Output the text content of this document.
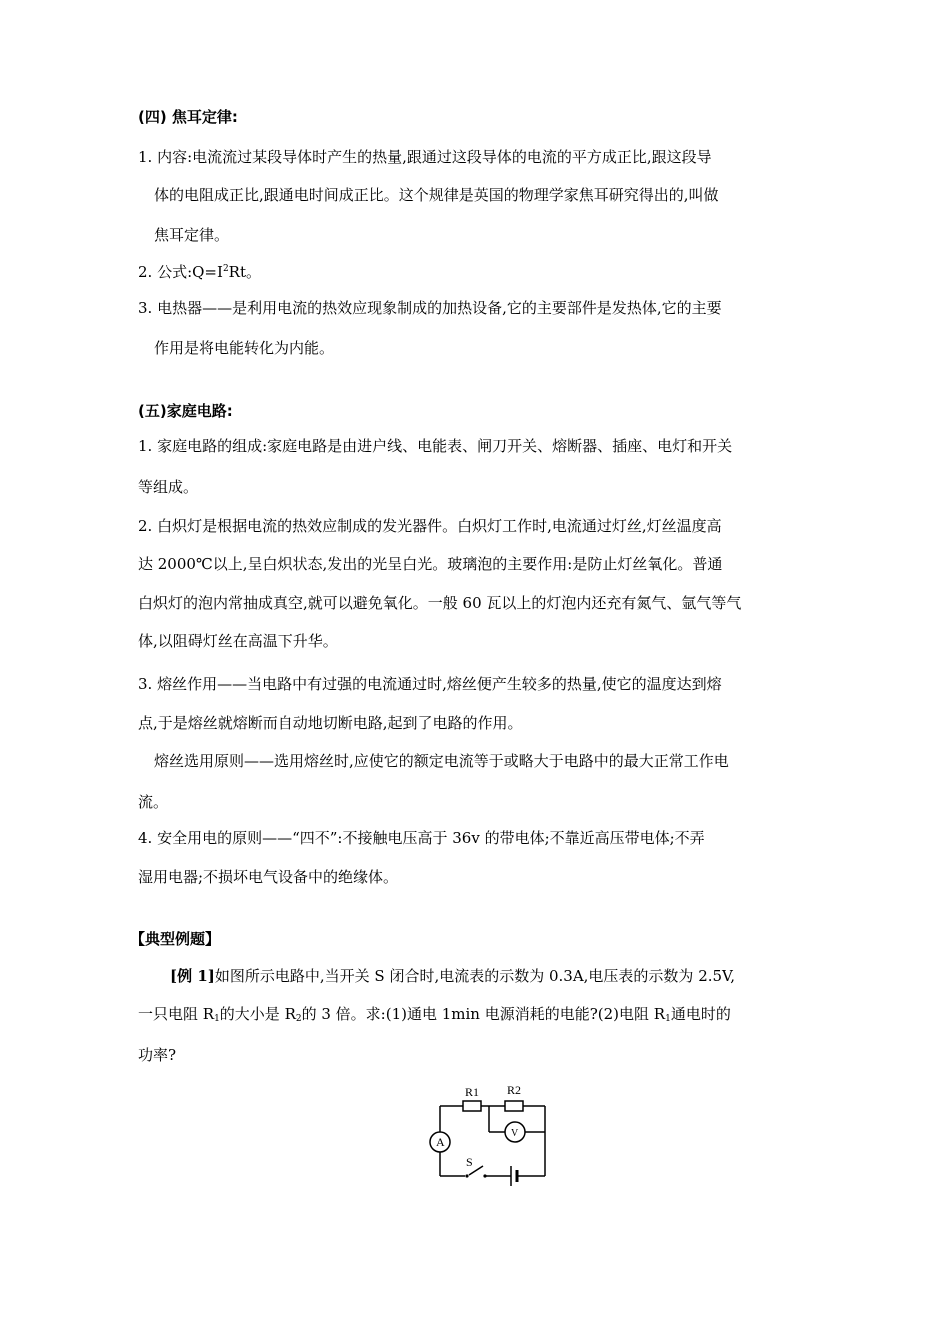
(四) 焦耳定律:
1. 内容:电流流过某段导体时产生的热量,跟通过这段导体的电流的平方成正比,跟这段导
体的电阻成正比,跟通电时间成正比。这个规律是英国的物理学家焦耳研究得出的,叫做
焦耳定律。
2. 公式$:Q=I^2Rt$。
3. 电热器——是利用电流的热效应现象制成的加热设备,它的主要部件是发热体,它的主要
作用是将电能转化为内能。
(五)家庭电路:
1. 家庭电路的组成:家庭电路是由进户线、电能表、闸刀开关、熔断器、插座、电灯和开关
等组成。
2. 白炽灯是根据电流的热效应制成的发光器件。白炽灯工作时,电流通过灯丝,灯丝温度高
达 2000℃以上,呈白炽状态,发出的光呈白光。玻璃泡的主要作用:是防止灯丝氧化。普通
白炽灯的泡内常抽成真空,就可以避免氧化。一般 60 瓦以上的灯泡内还充有氮气、氩气等气
体,以阻碍灯丝在高温下升华。
3. 熔丝作用——当电路中有过强的电流通过时,熔丝便产生较多的热量,使它的温度达到熔
点,于是熔丝就熔断而自动地切断电路,起到了电路的作用。
熔丝选用原则——选用熔丝时,应使它的额定电流等于或略大于电路中的最大正常工作电
流。
4. 安全用电的原则——“四不”:不接触电压高于 36v 的带电体;不靠近高压带电体;不弄
湿用电器;不损坏电气设备中的绝缘体。
【典型例题】
[例 1]如图所示电路中,当开关 S 闭合时,电流表的示数为 0.3A,电压表的示数为 2.5V,
一只电阻 $R_1$的大小是 $R_2$的 3 倍。求:(1)通电 1min 电源消耗的电能?(2)电阻 $R_1$通电时的
功率?
R1 R2
A
V
S
